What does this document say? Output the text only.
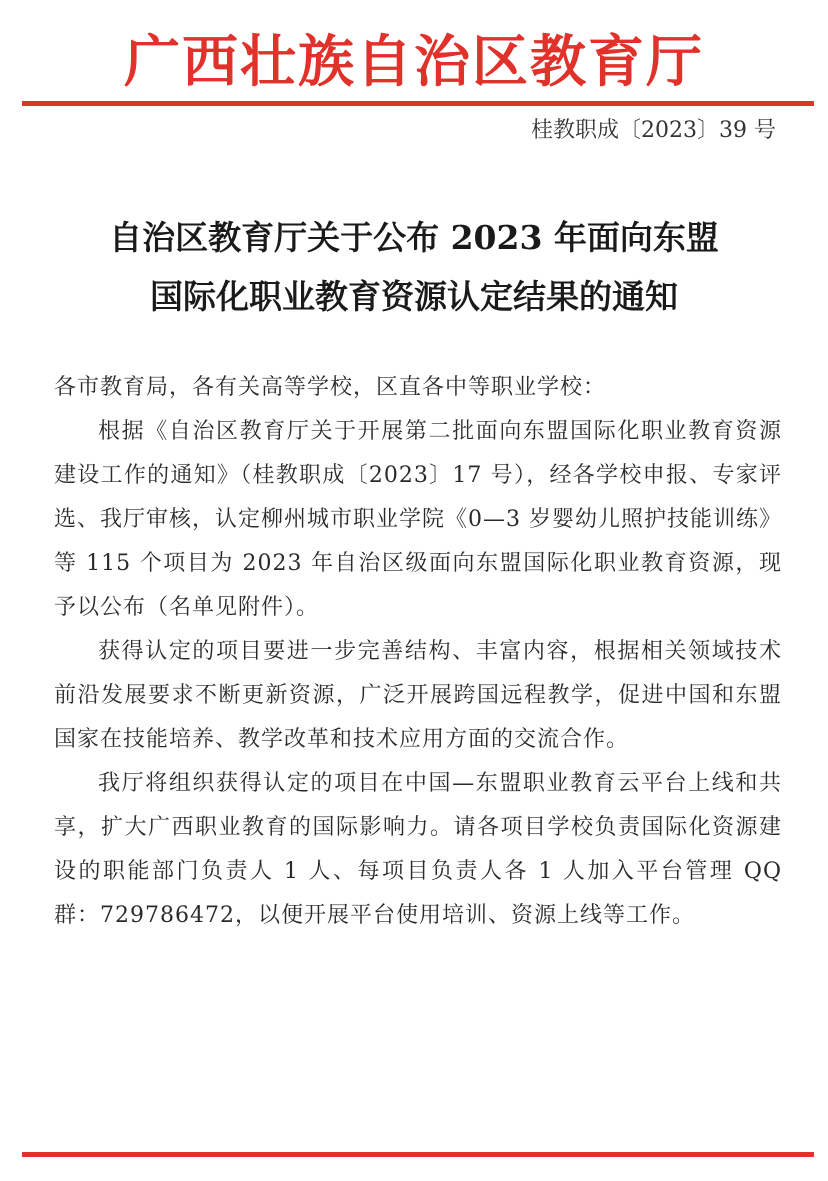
广西壮族自治区教育厅
桂教职成〔2023〕39 号
自治区教育厅关于公布 2023 年面向东盟
国际化职业教育资源认定结果的通知

各市教育局，各有关高等学校，区直各中等职业学校：

根据《自治区教育厅关于开展第二批面向东盟国际化职业教育资源建设工作的通知》（桂教职成〔2023〕17 号），经各学校申报、专家评选、我厅审核，认定柳州城市职业学院《0—3 岁婴幼儿照护技能训练》等 115 个项目为 2023 年自治区级面向东盟国际化职业教育资源，现予以公布（名单见附件）。

获得认定的项目要进一步完善结构、丰富内容，根据相关领域技术前沿发展要求不断更新资源，广泛开展跨国远程教学，促进中国和东盟国家在技能培养、教学改革和技术应用方面的交流合作。

我厅将组织获得认定的项目在中国—东盟职业教育云平台上线和共享，扩大广西职业教育的国际影响力。请各项目学校负责国际化资源建设的职能部门负责人 1 人、每项目负责人各 1 人加入平台管理 QQ 群：729786472，以便开展平台使用培训、资源上线等工作。
